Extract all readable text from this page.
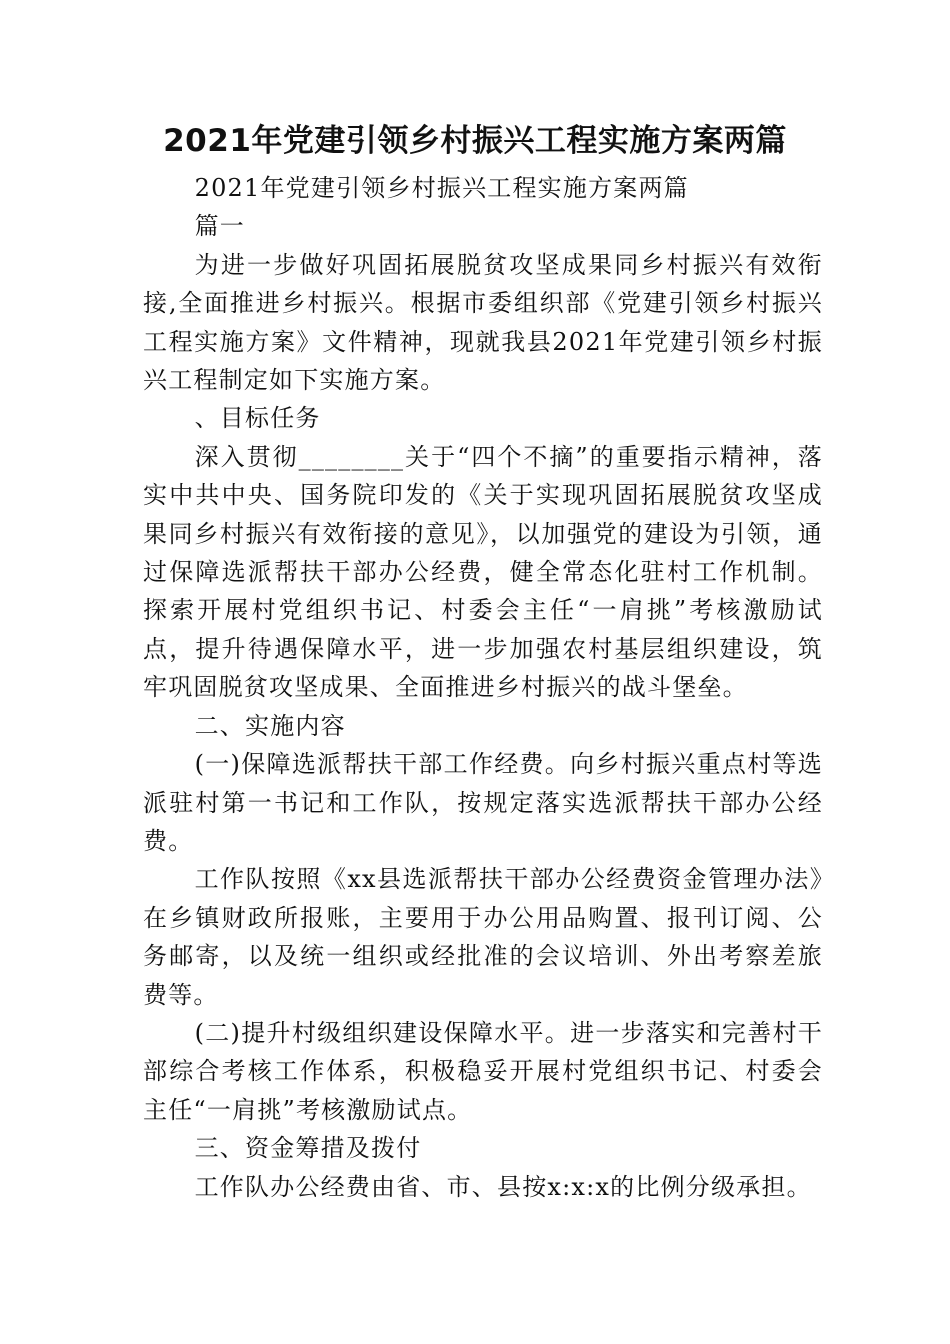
2021年党建引领乡村振兴工程实施方案两篇

2021年党建引领乡村振兴工程实施方案两篇

篇一

为进一步做好巩固拓展脱贫攻坚成果同乡村振兴有效衔接,全面推进乡村振兴。根据市委组织部《党建引领乡村振兴工程实施方案》文件精神，现就我县2021年党建引领乡村振兴工程制定如下实施方案。

、目标任务

深入贯彻________关于“四个不摘”的重要指示精神，落实中共中央、国务院印发的《关于实现巩固拓展脱贫攻坚成果同乡村振兴有效衔接的意见》，以加强党的建设为引领，通过保障选派帮扶干部办公经费，健全常态化驻村工作机制。探索开展村党组织书记、村委会主任“一肩挑”考核激励试点，提升待遇保障水平，进一步加强农村基层组织建设，筑牢巩固脱贫攻坚成果、全面推进乡村振兴的战斗堡垒。

二、实施内容

(一)保障选派帮扶干部工作经费。向乡村振兴重点村等选派驻村第一书记和工作队，按规定落实选派帮扶干部办公经费。

工作队按照《xx县选派帮扶干部办公经费资金管理办法》在乡镇财政所报账，主要用于办公用品购置、报刊订阅、公务邮寄，以及统一组织或经批准的会议培训、外出考察差旅费等。

(二)提升村级组织建设保障水平。进一步落实和完善村干部综合考核工作体系，积极稳妥开展村党组织书记、村委会主任“一肩挑”考核激励试点。

三、资金筹措及拨付

工作队办公经费由省、市、县按x:x:x的比例分级承担。
